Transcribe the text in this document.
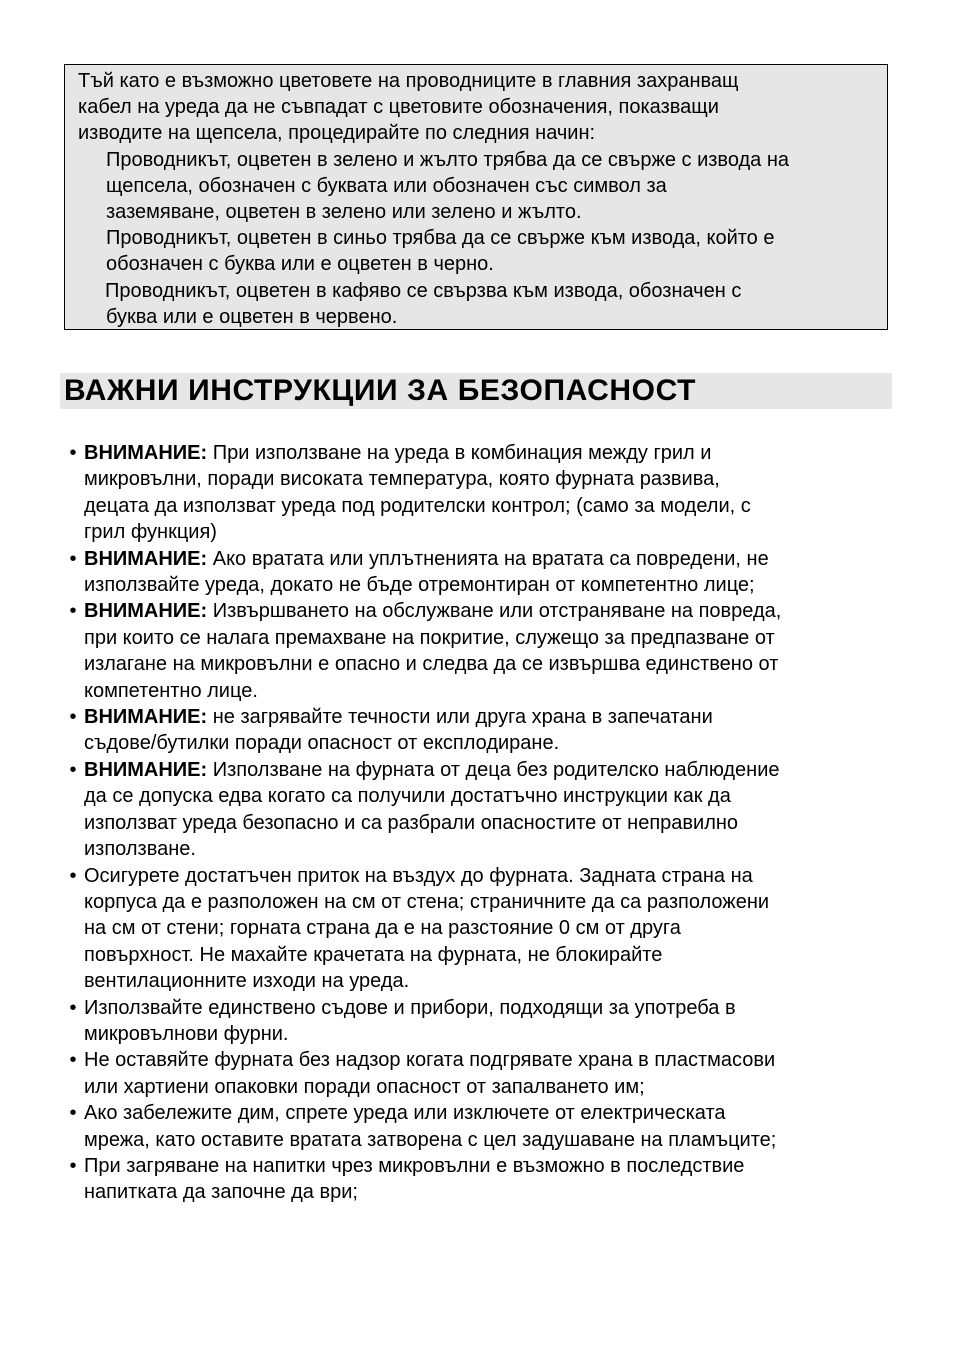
Тъй като е възможно цветовете на проводниците в главния захранващ
кабел на уреда да не съвпадат с цветовите обозначения, показващи
изводите на щепсела, процедирайте по следния начин:
Проводникът, оцветен в зелено и жълто трябва да се свърже с извода на
щепсела, обозначен с буквата или обозначен със символ за
заземяване, оцветен в зелено или зелено и жълто.
Проводникът, оцветен в синьо трябва да се свърже към извода, който е
обозначен с буква или е оцветен в черно.
Проводникът, оцветен в кафяво се свързва към извода, обозначен с
буква или е оцветен в червено.
ВАЖНИ ИНСТРУКЦИИ ЗА БЕЗОПАСНОСТ
• ВНИМАНИЕ: При използване на уреда в комбинация между грил и
микровълни, поради високата температура, която фурната развива,
децата да използват уреда под родителски контрол; (само за модели, с
грил функция)
• ВНИМАНИЕ: Ако вратата или уплътненията на вратата са повредени, не
използвайте уреда, докато не бъде отремонтиран от компетентно лице;
• ВНИМАНИЕ: Извършването на обслужване или отстраняване на повреда,
при които се налага премахване на покритие, служещо за предпазване от
излагане на микровълни е опасно и следва да се извършва единствено от
компетентно лице.
• ВНИМАНИЕ: не загрявайте течности или друга храна в запечатани
съдове/бутилки поради опасност от експлодиране.
• ВНИМАНИЕ: Използване на фурната от деца без родителско наблюдение
да се допуска едва когато са получили достатъчно инструкции как да
използват уреда безопасно и са разбрали опасностите от неправилно
използване.
• Осигурете достатъчен приток на въздух до фурната. Задната страна на
корпуса да е разположен на см от стена; страничните да са разположени
на см от стени; горната страна да е на разстояние 0 см от друга
повърхност. Не махайте крачетата на фурната, не блокирайте
вентилационните изходи на уреда.
• Използвайте единствено съдове и прибори, подходящи за употреба в
микровълнови фурни.
• Не оставяйте фурната без надзор когата подгрявате храна в пластмасови
или хартиени опаковки поради опасност от запалването им;
• Ако забележите дим, спрете уреда или изключете от електрическата
мрежа, като оставите вратата затворена с цел задушаване на пламъците;
• При загряване на напитки чрез микровълни е възможно в последствие
напитката да започне да ври;
